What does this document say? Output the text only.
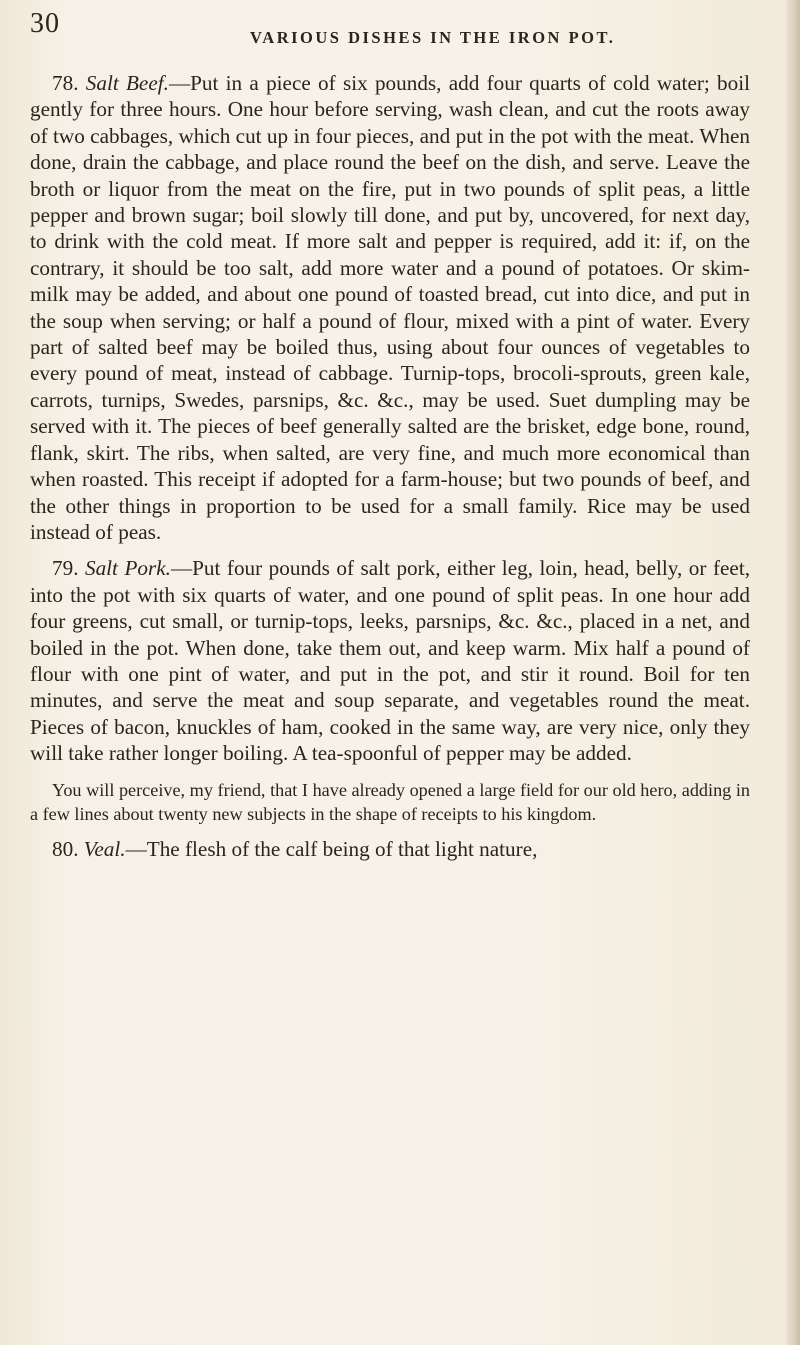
30	VARIOUS DISHES IN THE IRON POT.

78. Salt Beef.—Put in a piece of six pounds, add four quarts of cold water; boil gently for three hours. One hour before serving, wash clean, and cut the roots away of two cabbages, which cut up in four pieces, and put in the pot with the meat. When done, drain the cabbage, and place round the beef on the dish, and serve. Leave the broth or liquor from the meat on the fire, put in two pounds of split peas, a little pepper and brown sugar; boil slowly till done, and put by, uncovered, for next day, to drink with the cold meat. If more salt and pepper is required, add it: if, on the contrary, it should be too salt, add more water and a pound of potatoes. Or skim-milk may be added, and about one pound of toasted bread, cut into dice, and put in the soup when serving; or half a pound of flour, mixed with a pint of water. Every part of salted beef may be boiled thus, using about four ounces of vegetables to every pound of meat, instead of cabbage. Turnip-tops, brocoli-sprouts, green kale, carrots, turnips, Swedes, parsnips, &c. &c., may be used. Suet dumpling may be served with it. The pieces of beef generally salted are the brisket, edge bone, round, flank, skirt. The ribs, when salted, are very fine, and much more economical than when roasted. This receipt if adopted for a farm-house; but two pounds of beef, and the other things in proportion to be used for a small family. Rice may be used instead of peas.

79. Salt Pork.—Put four pounds of salt pork, either leg, loin, head, belly, or feet, into the pot with six quarts of water, and one pound of split peas. In one hour add four greens, cut small, or turnip-tops, leeks, parsnips, &c. &c., placed in a net, and boiled in the pot. When done, take them out, and keep warm. Mix half a pound of flour with one pint of water, and put in the pot, and stir it round. Boil for ten minutes, and serve the meat and soup separate, and vegetables round the meat. Pieces of bacon, knuckles of ham, cooked in the same way, are very nice, only they will take rather longer boiling. A tea-spoonful of pepper may be added.

You will perceive, my friend, that I have already opened a large field for our old hero, adding in a few lines about twenty new subjects in the shape of receipts to his kingdom.

80. Veal.—The flesh of the calf being of that light nature,
